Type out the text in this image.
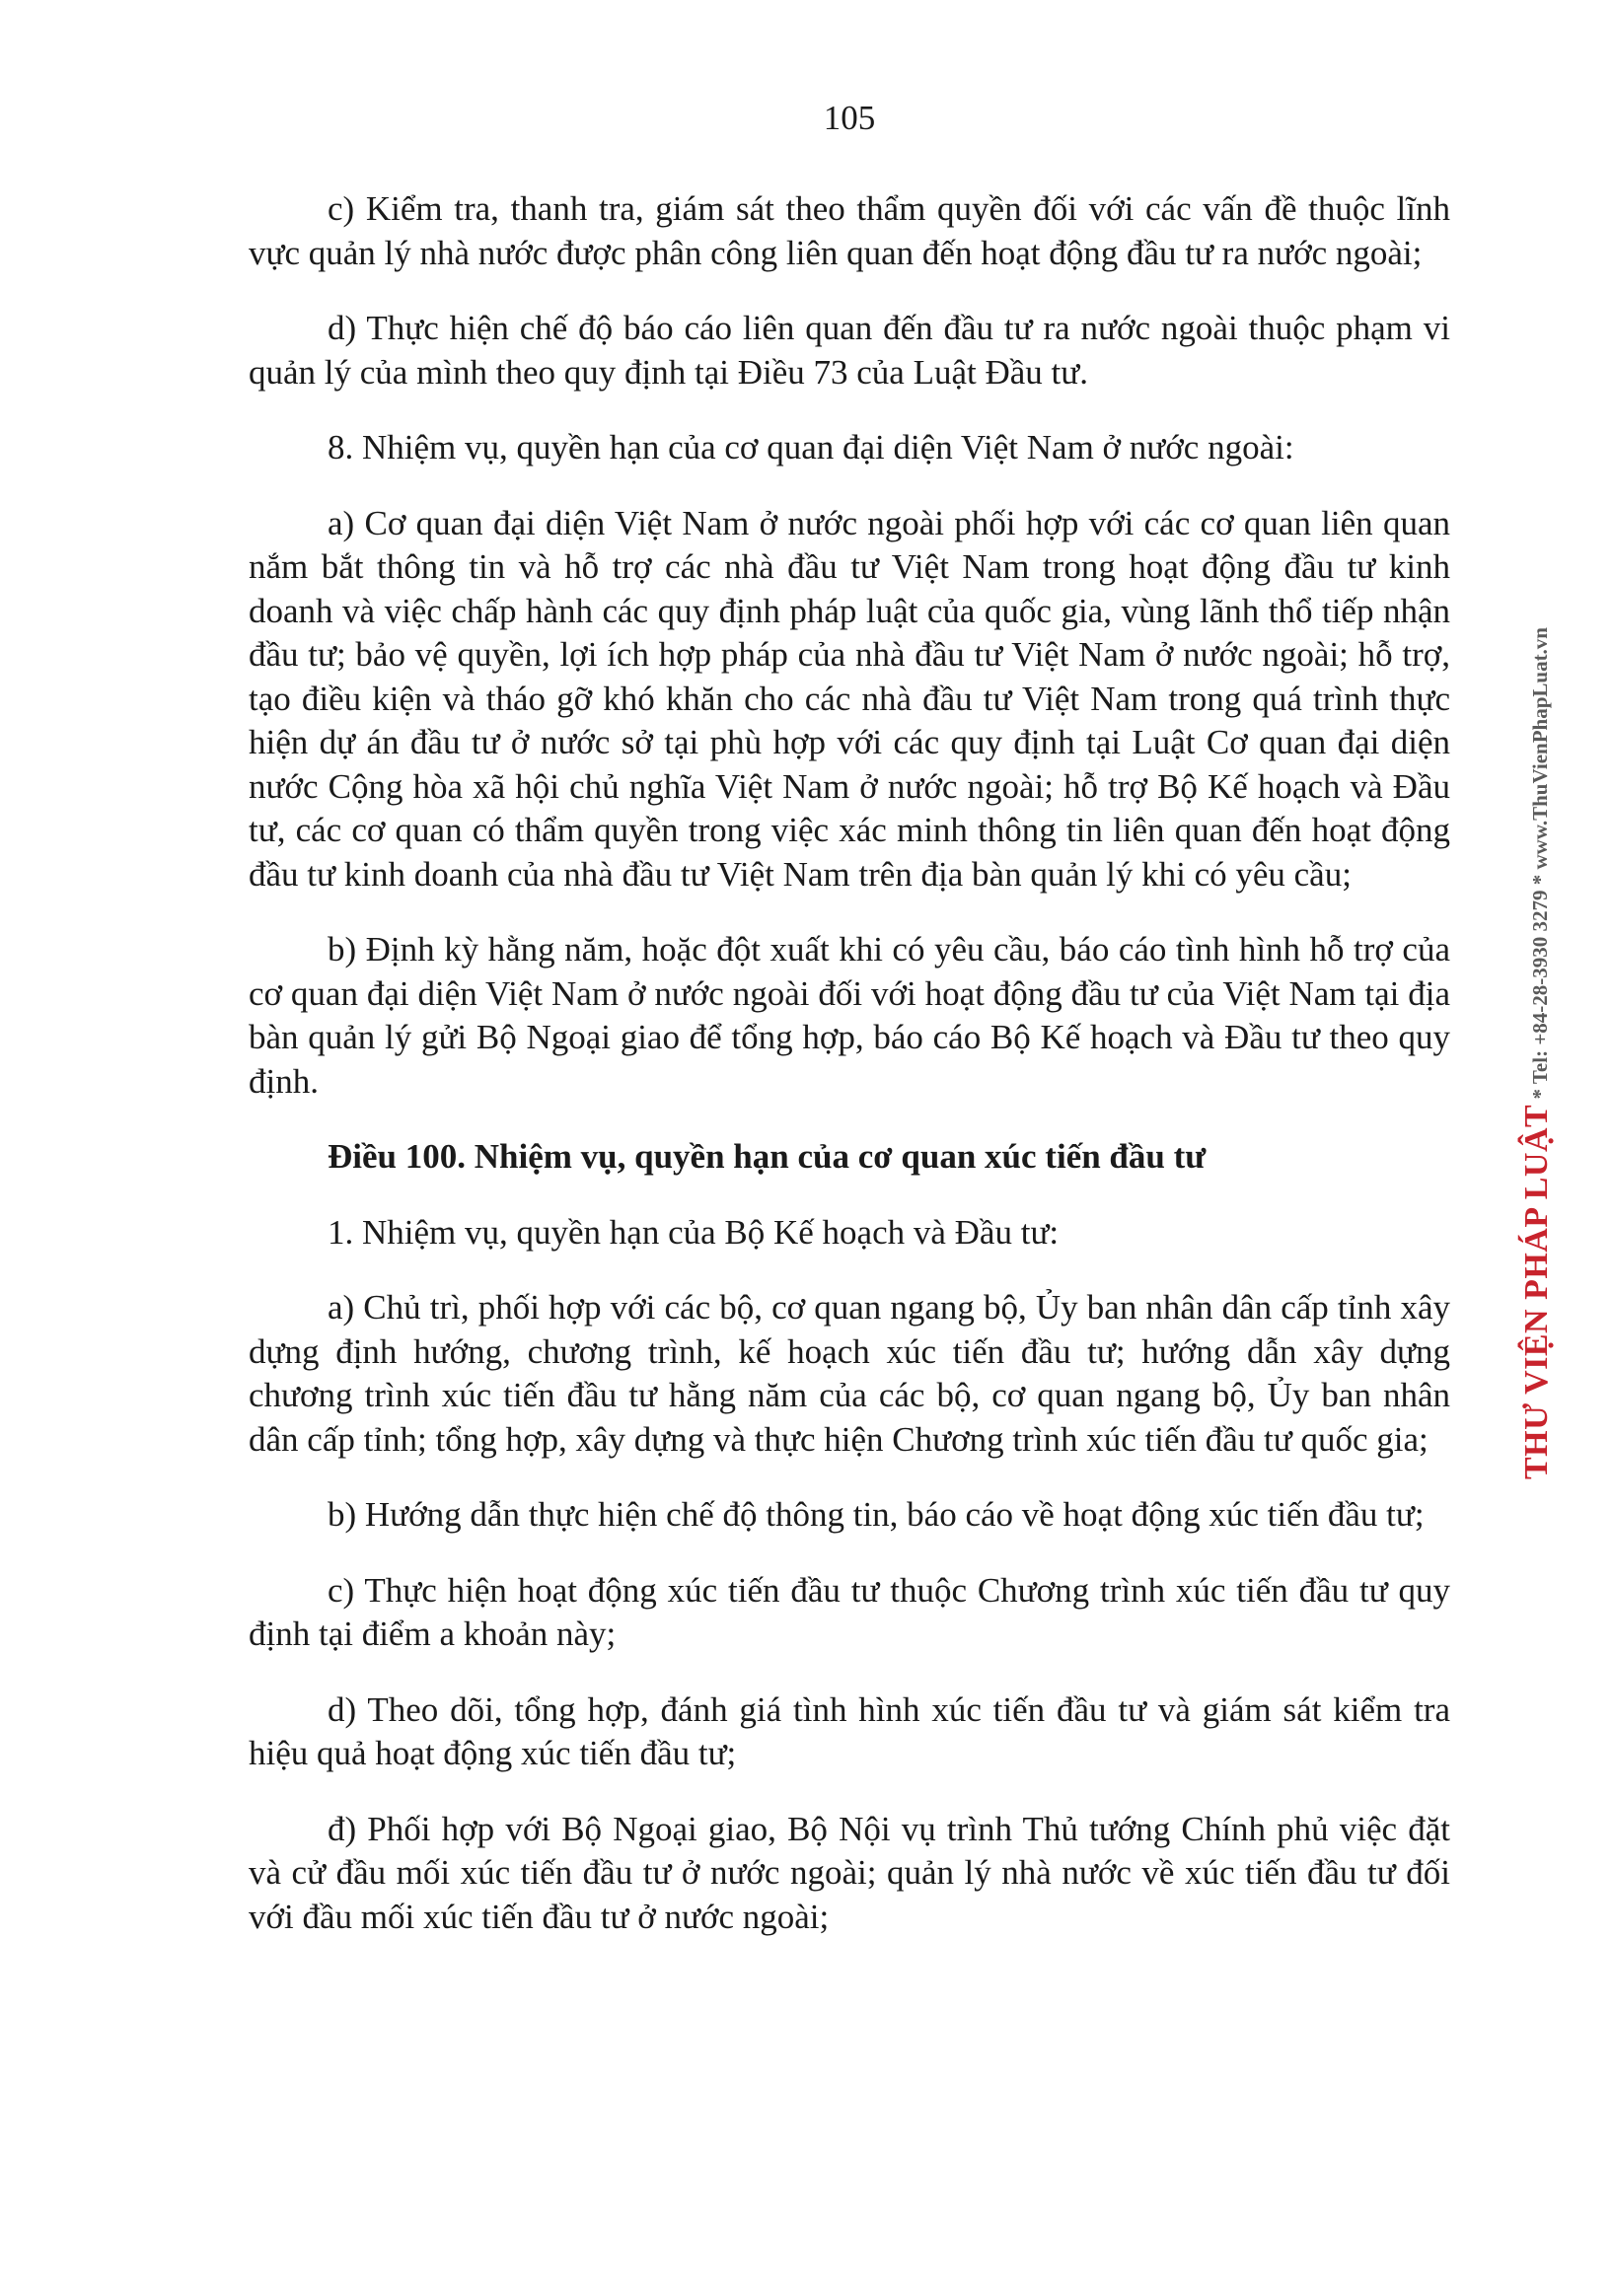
105

c) Kiểm tra, thanh tra, giám sát theo thẩm quyền đối với các vấn đề thuộc lĩnh vực quản lý nhà nước được phân công liên quan đến hoạt động đầu tư ra nước ngoài;

d) Thực hiện chế độ báo cáo liên quan đến đầu tư ra nước ngoài thuộc phạm vi quản lý của mình theo quy định tại Điều 73 của Luật Đầu tư.

8. Nhiệm vụ, quyền hạn của cơ quan đại diện Việt Nam ở nước ngoài:

a) Cơ quan đại diện Việt Nam ở nước ngoài phối hợp với các cơ quan liên quan nắm bắt thông tin và hỗ trợ các nhà đầu tư Việt Nam trong hoạt động đầu tư kinh doanh và việc chấp hành các quy định pháp luật của quốc gia, vùng lãnh thổ tiếp nhận đầu tư; bảo vệ quyền, lợi ích hợp pháp của nhà đầu tư Việt Nam ở nước ngoài; hỗ trợ, tạo điều kiện và tháo gỡ khó khăn cho các nhà đầu tư Việt Nam trong quá trình thực hiện dự án đầu tư ở nước sở tại phù hợp với các quy định tại Luật Cơ quan đại diện nước Cộng hòa xã hội chủ nghĩa Việt Nam ở nước ngoài; hỗ trợ Bộ Kế hoạch và Đầu tư, các cơ quan có thẩm quyền trong việc xác minh thông tin liên quan đến hoạt động đầu tư kinh doanh của nhà đầu tư Việt Nam trên địa bàn quản lý khi có yêu cầu;

b) Định kỳ hằng năm, hoặc đột xuất khi có yêu cầu, báo cáo tình hình hỗ trợ của cơ quan đại diện Việt Nam ở nước ngoài đối với hoạt động đầu tư của Việt Nam tại địa bàn quản lý gửi Bộ Ngoại giao để tổng hợp, báo cáo Bộ Kế hoạch và Đầu tư theo quy định.

Điều 100. Nhiệm vụ, quyền hạn của cơ quan xúc tiến đầu tư

1. Nhiệm vụ, quyền hạn của Bộ Kế hoạch và Đầu tư:

a) Chủ trì, phối hợp với các bộ, cơ quan ngang bộ, Ủy ban nhân dân cấp tỉnh xây dựng định hướng, chương trình, kế hoạch xúc tiến đầu tư; hướng dẫn xây dựng chương trình xúc tiến đầu tư hằng năm của các bộ, cơ quan ngang bộ, Ủy ban nhân dân cấp tỉnh; tổng hợp, xây dựng và thực hiện Chương trình xúc tiến đầu tư quốc gia;

b) Hướng dẫn thực hiện chế độ thông tin, báo cáo về hoạt động xúc tiến đầu tư;

c) Thực hiện hoạt động xúc tiến đầu tư thuộc Chương trình xúc tiến đầu tư quy định tại điểm a khoản này;

d) Theo dõi, tổng hợp, đánh giá tình hình xúc tiến đầu tư và giám sát kiểm tra hiệu quả hoạt động xúc tiến đầu tư;

đ) Phối hợp với Bộ Ngoại giao, Bộ Nội vụ trình Thủ tướng Chính phủ việc đặt và cử đầu mối xúc tiến đầu tư ở nước ngoài; quản lý nhà nước về xúc tiến đầu tư đối với đầu mối xúc tiến đầu tư ở nước ngoài;

THƯ VIỆN PHÁP LUẬT * Tel: +84-28-3930 3279 * www.ThuVienPhapLuat.vn
